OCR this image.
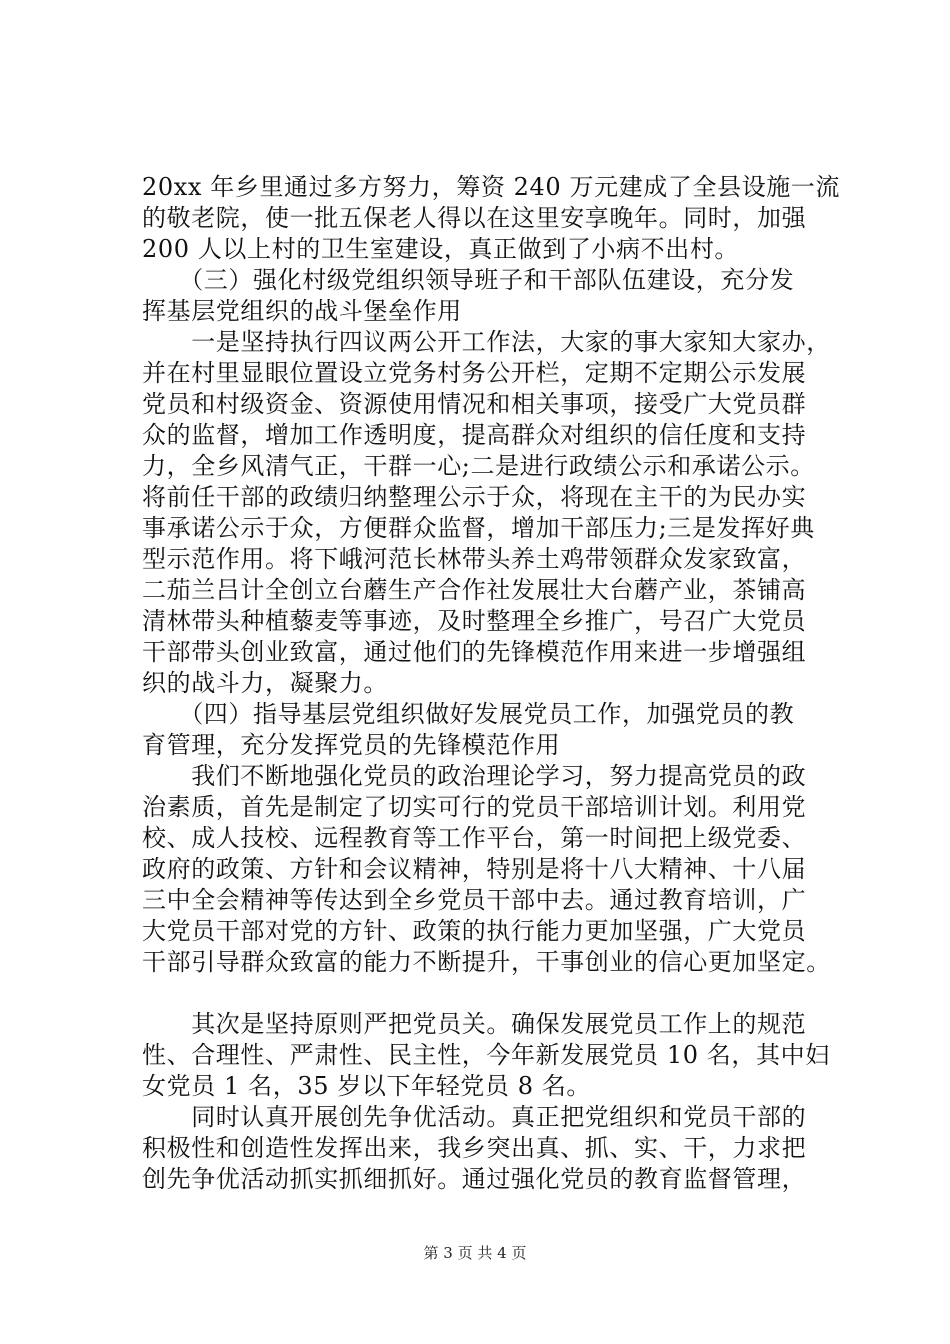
20xx 年乡里通过多方努力，筹资 240 万元建成了全县设施一流

的敬老院，使一批五保老人得以在这里安享晚年。同时，加强

200 人以上村的卫生室建设，真正做到了小病不出村。

　　（三）强化村级党组织领导班子和干部队伍建设，充分发

挥基层党组织的战斗堡垒作用

　　一是坚持执行四议两公开工作法，大家的事大家知大家办，

并在村里显眼位置设立党务村务公开栏，定期不定期公示发展

党员和村级资金、资源使用情况和相关事项，接受广大党员群

众的监督，增加工作透明度，提高群众对组织的信任度和支持

力，全乡风清气正，干群一心;二是进行政绩公示和承诺公示。

将前任干部的政绩归纳整理公示于众，将现在主干的为民办实

事承诺公示于众，方便群众监督，增加干部压力;三是发挥好典

型示范作用。将下峨河范长林带头养土鸡带领群众发家致富，

二茄兰吕计全创立台蘑生产合作社发展壮大台蘑产业，茶铺高

清林带头种植藜麦等事迹，及时整理全乡推广，号召广大党员

干部带头创业致富，通过他们的先锋模范作用来进一步增强组

织的战斗力，凝聚力。

　　（四）指导基层党组织做好发展党员工作，加强党员的教

育管理，充分发挥党员的先锋模范作用

　　我们不断地强化党员的政治理论学习，努力提高党员的政

治素质，首先是制定了切实可行的党员干部培训计划。利用党

校、成人技校、远程教育等工作平台，第一时间把上级党委、

政府的政策、方针和会议精神，特别是将十八大精神、十八届

三中全会精神等传达到全乡党员干部中去。通过教育培训，广

大党员干部对党的方针、政策的执行能力更加坚强，广大党员

干部引导群众致富的能力不断提升，干事创业的信心更加坚定。

　　其次是坚持原则严把党员关。确保发展党员工作上的规范

性、合理性、严肃性、民主性，今年新发展党员 10 名，其中妇

女党员 1 名，35 岁以下年轻党员 8 名。

　　同时认真开展创先争优活动。真正把党组织和党员干部的

积极性和创造性发挥出来，我乡突出真、抓、实、干，力求把

创先争优活动抓实抓细抓好。通过强化党员的教育监督管理，

第 3 页 共 4 页
